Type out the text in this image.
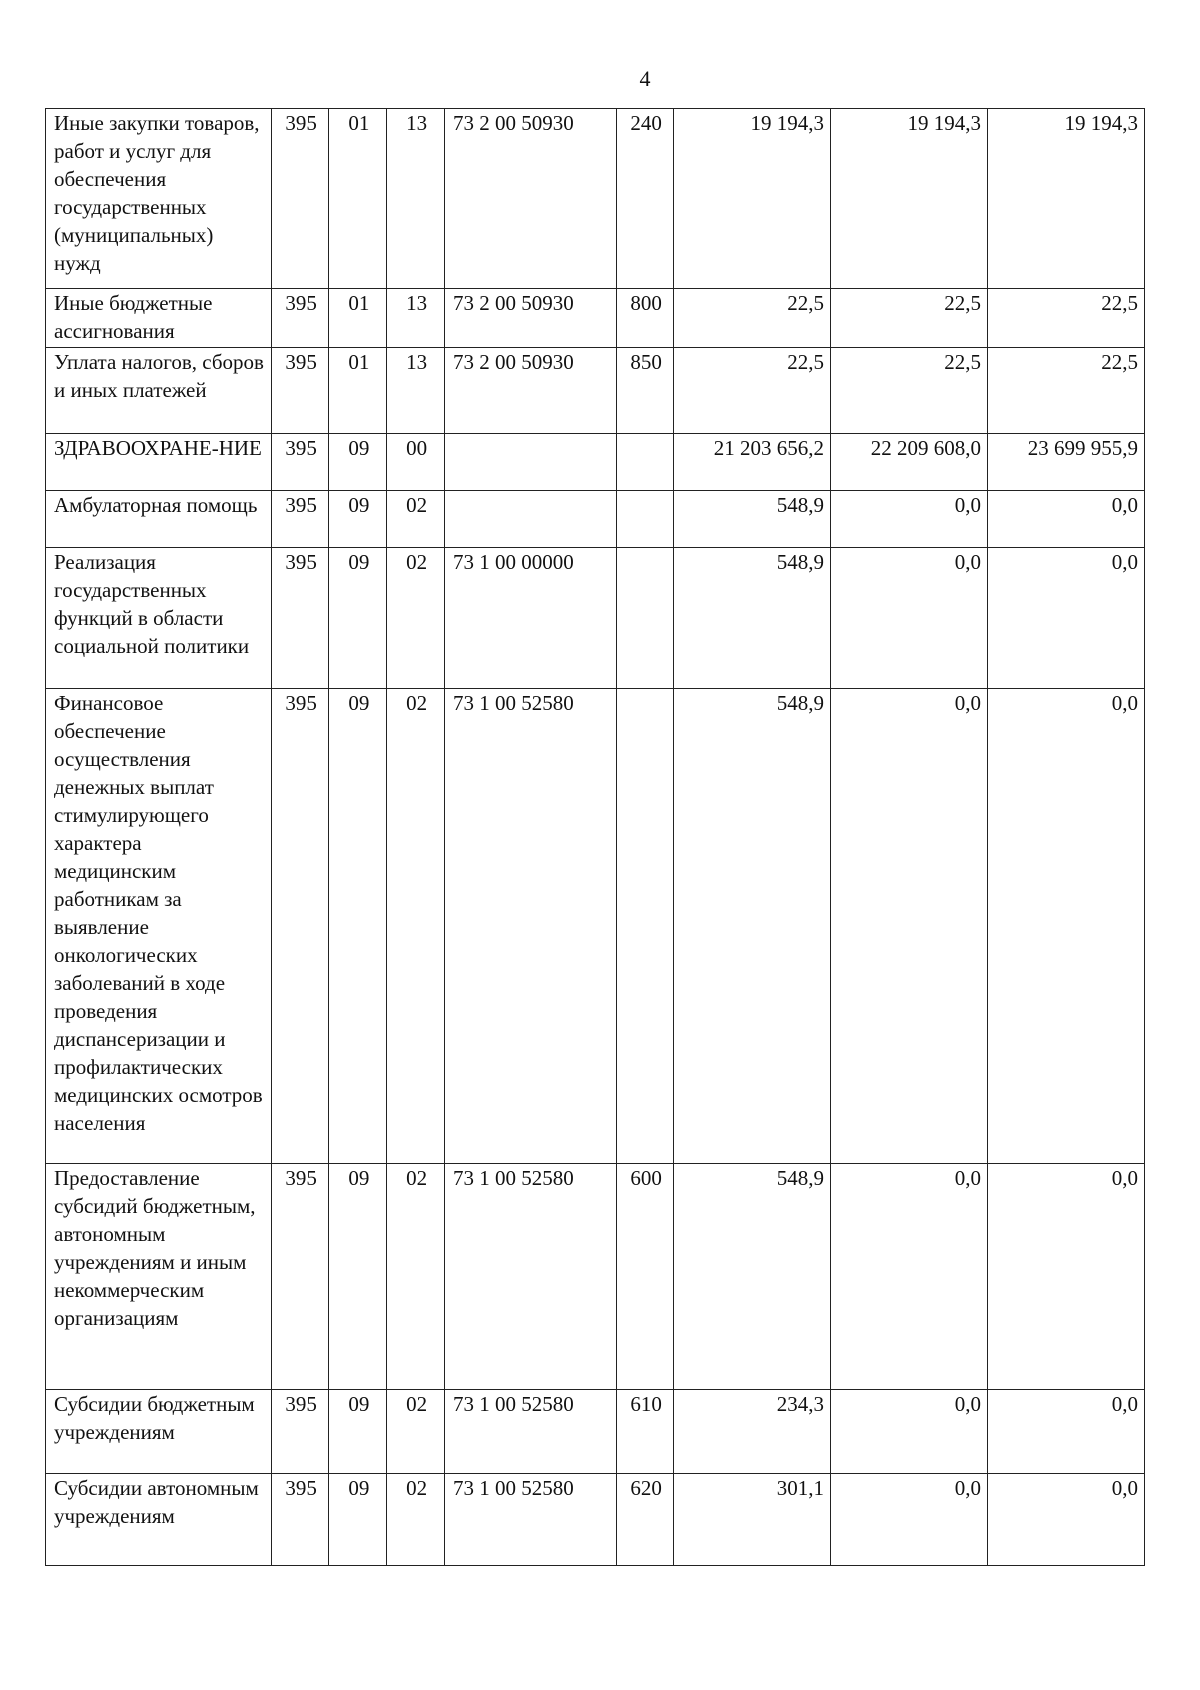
4
Иные закупки товаров, работ и услуг для обеспечения государственных (муниципальных) нужд	395	01	13	73 2 00 50930	240	19 194,3	19 194,3	19 194,3
Иные бюджетные ассигнования	395	01	13	73 2 00 50930	800	22,5	22,5	22,5
Уплата налогов, сборов и иных платежей	395	01	13	73 2 00 50930	850	22,5	22,5	22,5
ЗДРАВООХРАНЕ-НИЕ	395	09	00			21 203 656,2	22 209 608,0	23 699 955,9
Амбулаторная помощь	395	09	02			548,9	0,0	0,0
Реализация государственных функций в области социальной политики	395	09	02	73 1 00 00000		548,9	0,0	0,0
Финансовое обеспечение осуществления денежных выплат стимулирующего характера медицинским работникам за выявление онкологических заболеваний в ходе проведения диспансеризации и профилактических медицинских осмотров населения	395	09	02	73 1 00 52580		548,9	0,0	0,0
Предоставление субсидий бюджетным, автономным учреждениям и иным некоммерческим организациям	395	09	02	73 1 00 52580	600	548,9	0,0	0,0
Субсидии бюджетным учреждениям	395	09	02	73 1 00 52580	610	234,3	0,0	0,0
Субсидии автономным учреждениям	395	09	02	73 1 00 52580	620	301,1	0,0	0,0
